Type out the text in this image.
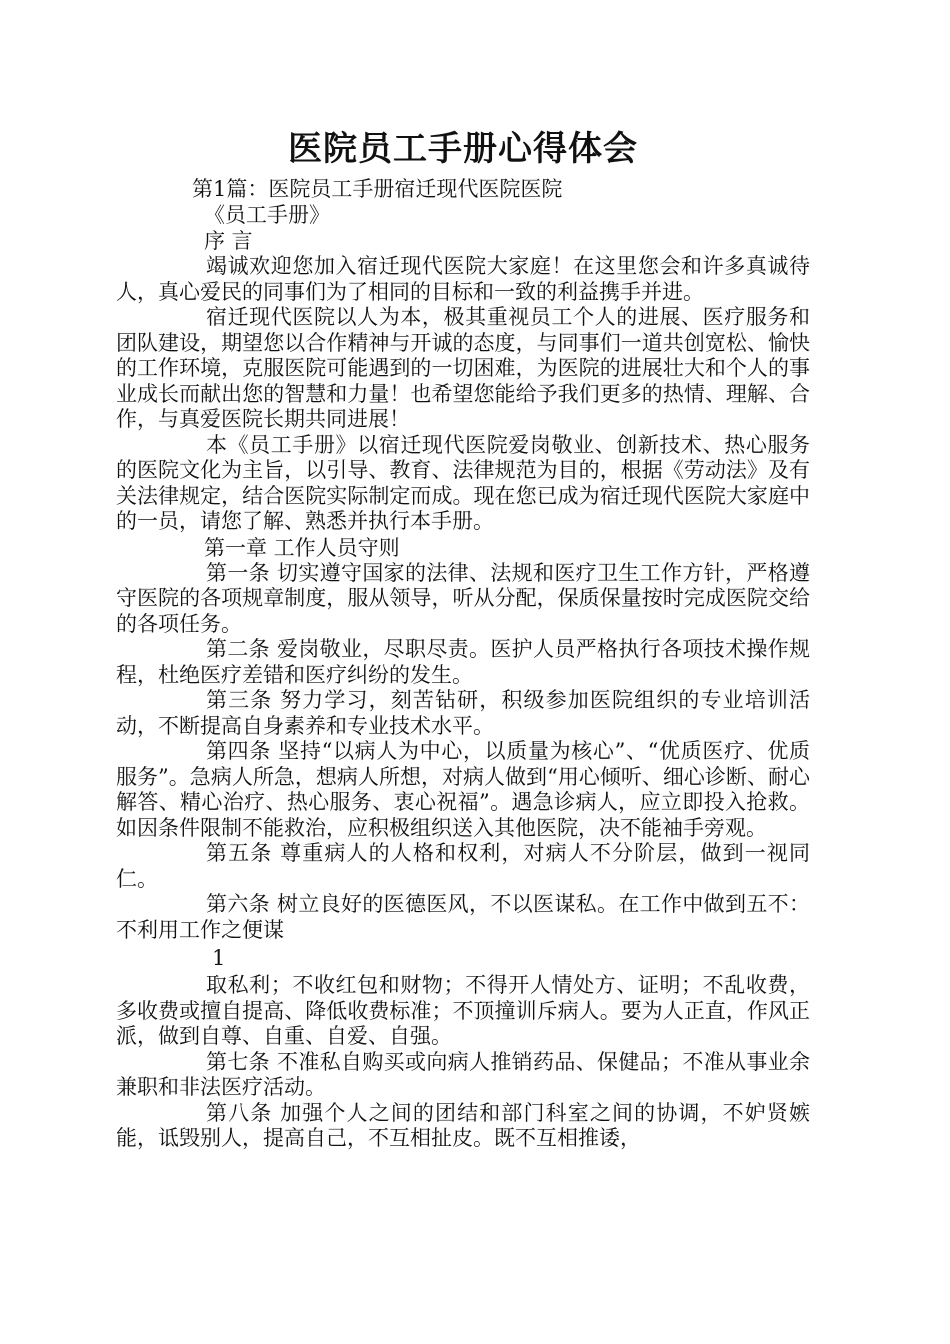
医院员工手册心得体会

第1篇：医院员工手册宿迁现代医院医院

《员工手册》

序 言

竭诚欢迎您加入宿迁现代医院大家庭！在这里您会和许多真诚待人，真心爱民的同事们为了相同的目标和一致的利益携手并进。

宿迁现代医院以人为本，极其重视员工个人的进展、医疗服务和团队建设，期望您以合作精神与开诚的态度，与同事们一道共创宽松、愉快的工作环境，克服医院可能遇到的一切困难，为医院的进展壮大和个人的事业成长而献出您的智慧和力量！也希望您能给予我们更多的热情、理解、合作，与真爱医院长期共同进展！

本《员工手册》以宿迁现代医院爱岗敬业、创新技术、热心服务的医院文化为主旨，以引导、教育、法律规范为目的，根据《劳动法》及有关法律规定，结合医院实际制定而成。现在您已成为宿迁现代医院大家庭中的一员，请您了解、熟悉并执行本手册。

第一章 工作人员守则

第一条 切实遵守国家的法律、法规和医疗卫生工作方针，严格遵守医院的各项规章制度，服从领导，听从分配，保质保量按时完成医院交给的各项任务。

第二条 爱岗敬业，尽职尽责。医护人员严格执行各项技术操作规程，杜绝医疗差错和医疗纠纷的发生。

第三条 努力学习，刻苦钻研，积级参加医院组织的专业培训活动，不断提高自身素养和专业技术水平。

第四条 坚持“以病人为中心，以质量为核心”、“优质医疗、优质服务”。急病人所急，想病人所想，对病人做到“用心倾听、细心诊断、耐心解答、精心治疗、热心服务、衷心祝福”。遇急诊病人，应立即投入抢救。如因条件限制不能救治，应积极组织送入其他医院，决不能袖手旁观。

第五条 尊重病人的人格和权利，对病人不分阶层，做到一视同仁。

第六条 树立良好的医德医风，不以医谋私。在工作中做到五不：不利用工作之便谋

1

取私利；不收红包和财物；不得开人情处方、证明；不乱收费，多收费或擅自提高、降低收费标准；不顶撞训斥病人。要为人正直，作风正派，做到自尊、自重、自爱、自强。

第七条 不准私自购买或向病人推销药品、保健品；不准从事业余兼职和非法医疗活动。

第八条 加强个人之间的团结和部门科室之间的协调，不妒贤嫉能，诋毁别人，提高自己，不互相扯皮。既不互相推诿，
